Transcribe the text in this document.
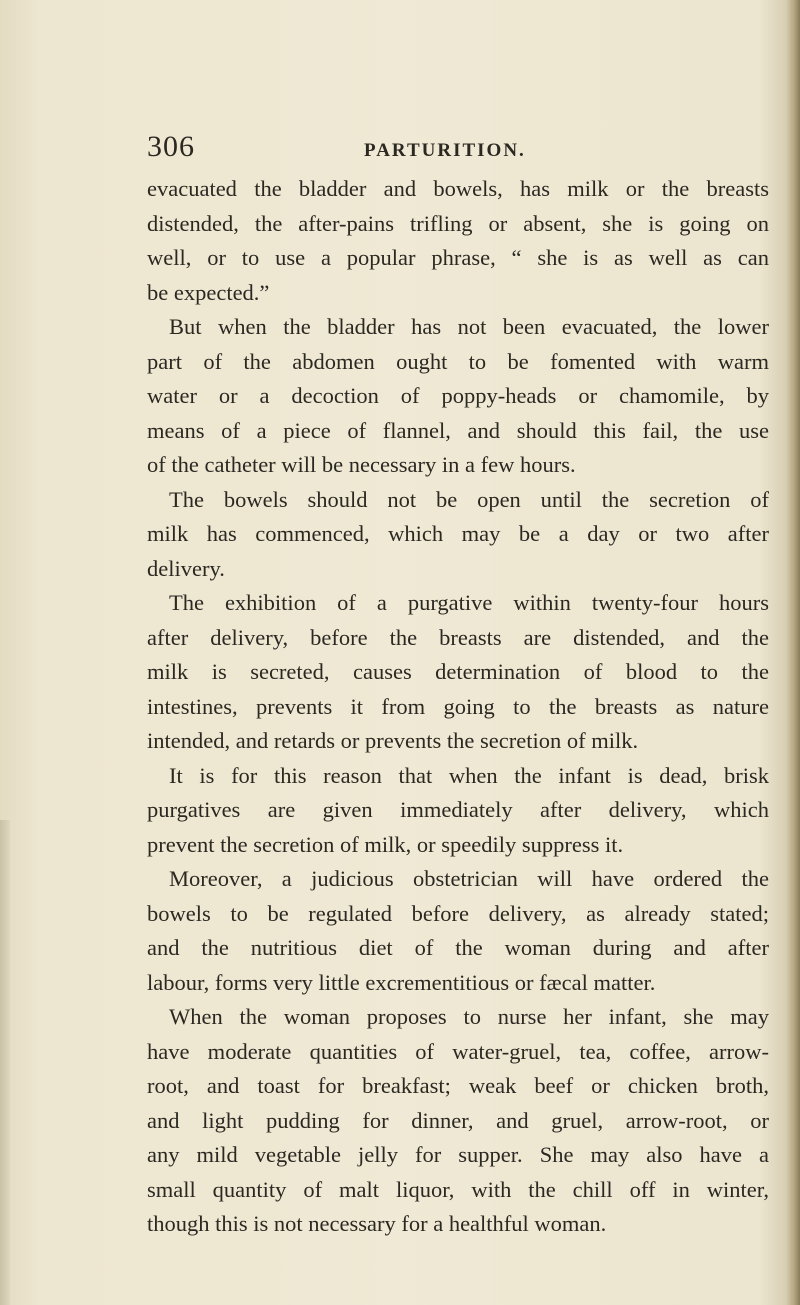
306	PARTURITION.
evacuated the bladder and bowels, has milk or the breasts
distended, the after-pains trifling or absent, she is going on
well, or to use a popular phrase, “ she is as well as can
be expected.”
But when the bladder has not been evacuated, the lower
part of the abdomen ought to be fomented with warm
water or a decoction of poppy-heads or chamomile, by
means of a piece of flannel, and should this fail, the use
of the catheter will be necessary in a few hours.
The bowels should not be open until the secretion of
milk has commenced, which may be a day or two after
delivery.
The exhibition of a purgative within twenty-four hours
after delivery, before the breasts are distended, and the
milk is secreted, causes determination of blood to the
intestines, prevents it from going to the breasts as nature
intended, and retards or prevents the secretion of milk.
It is for this reason that when the infant is dead, brisk
purgatives are given immediately after delivery, which
prevent the secretion of milk, or speedily suppress it.
Moreover, a judicious obstetrician will have ordered the
bowels to be regulated before delivery, as already stated;
and the nutritious diet of the woman during and after
labour, forms very little excrementitious or fæcal matter.
When the woman proposes to nurse her infant, she may
have moderate quantities of water-gruel, tea, coffee, arrow-
root, and toast for breakfast; weak beef or chicken broth,
and light pudding for dinner, and gruel, arrow-root, or
any mild vegetable jelly for supper. She may also have a
small quantity of malt liquor, with the chill off in winter,
though this is not necessary for a healthful woman.
